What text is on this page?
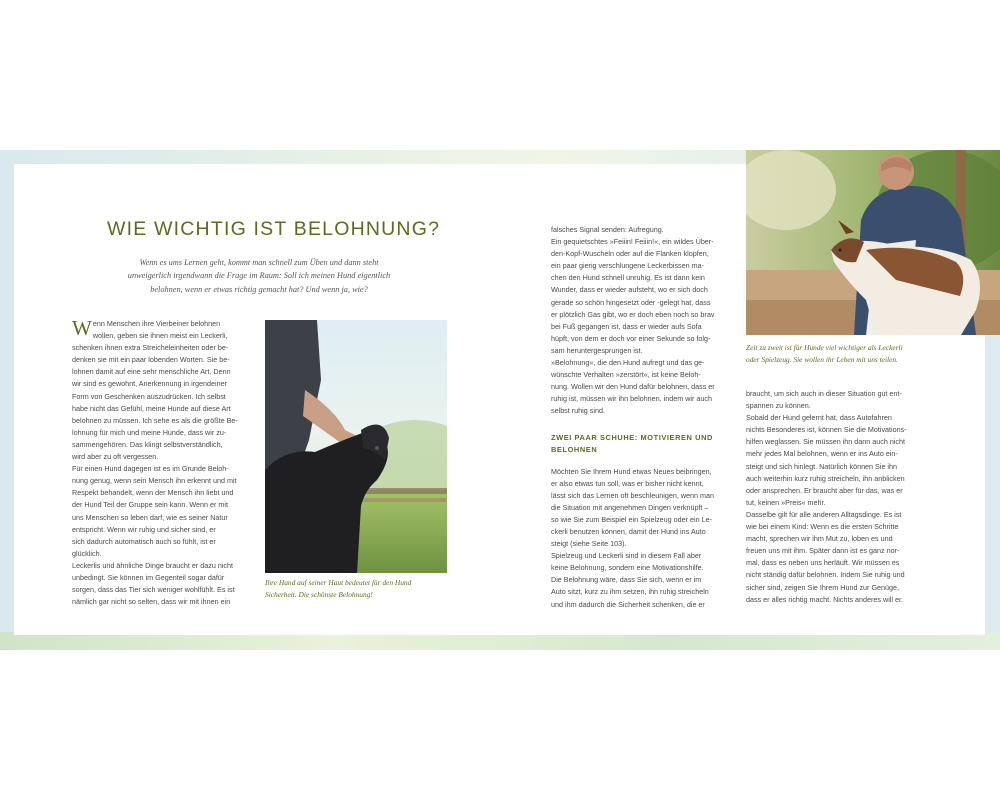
WIE WICHTIG IST BELOHNUNG?
Wenn es ums Lernen geht, kommt man schnell zum Üben und dann steht
unweigerlich irgendwann die Frage im Raum: Soll ich meinen Hund eigentlich
belohnen, wenn er etwas richtig gemacht hat? Und wenn ja, wie?
W enn Menschen ihre Vierbeiner belohnen
wollen, geben sie ihnen meist ein Leckerli,
schenken ihnen extra Streicheleinheiten oder be-
denken sie mit ein paar lobenden Worten. Sie be-
lohnen damit auf eine sehr menschliche Art. Denn
wir sind es gewohnt, Anerkennung in irgendeiner
Form von Geschenken auszudrücken. Ich selbst
habe nicht das Gefühl, meine Hunde auf diese Art
belohnen zu müssen. Ich sehe es als die größte Be-
lohnung für mich und meine Hunde, dass wir zu-
sammengehören. Das klingt selbstverständlich,
wird aber zu oft vergessen.
Für einen Hund dagegen ist es im Grunde Beloh-
nung genug, wenn sein Mensch ihn erkennt und mit
Respekt behandelt, wenn der Mensch ihn liebt und
der Hund Teil der Gruppe sein kann. Wenn er mit
uns Menschen so leben darf, wie es seiner Natur
entspricht. Wenn wir ruhig und sicher sind, er
sich dadurch automatisch auch so fühlt, ist er
glücklich.
Leckerlis und ähnliche Dinge braucht er dazu nicht
unbedingt. Sie können im Gegenteil sogar dafür
sorgen, dass das Tier sich weniger wohlfühlt. Es ist
nämlich gar nicht so selten, dass wir mit ihnen ein
Ihre Hand auf seiner Haut bedeutet für den Hund
Sicherheit. Die schönste Belohnung!
falsches Signal senden: Aufregung.
Ein gequietschtes »Feiiin! Feiiin!«, ein wildes Über-
den-Kopf-Wuscheln oder auf die Flanken klopfen,
ein paar gierig verschlungene Leckerbissen ma-
chen den Hund schnell unruhig. Es ist dann kein
Wunder, dass er wieder aufsteht, wo er sich doch
gerade so schön hingesetzt oder -gelegt hat, dass
er plötzlich Gas gibt, wo er doch eben noch so brav
bei Fuß gegangen ist, dass er wieder aufs Sofa
hüpft, von dem er doch vor einer Sekunde so folg-
sam heruntergesprungen ist.
»Belohnung«, die den Hund aufregt und das ge-
wünschte Verhalten »zerstört«, ist keine Beloh-
nung. Wollen wir den Hund dafür belohnen, dass er
ruhig ist, müssen wir ihn belohnen, indem wir auch
selbst ruhig sind.
ZWEI PAAR SCHUHE: MOTIVIEREN UND
BELOHNEN
Möchten Sie Ihrem Hund etwas Neues beibringen,
er also etwas tun soll, was er bisher nicht kennt,
lässt sich das Lernen oft beschleunigen, wenn man
die Situation mit angenehmen Dingen verknüpft –
so wie Sie zum Beispiel ein Spielzeug oder ein Le-
ckerli benutzen können, damit der Hund ins Auto
steigt (siehe Seite 103).
Spielzeug und Leckerli sind in diesem Fall aber
keine Belohnung, sondern eine Motivationshilfe.
Die Belohnung wäre, dass Sie sich, wenn er im
Auto sitzt, kurz zu ihm setzen, ihn ruhig streicheln
und ihm dadurch die Sicherheit schenken, die er
Zeit zu zweit ist für Hunde viel wichtiger als Leckerli
oder Spielzeug. Sie wollen ihr Leben mit uns teilen.
braucht, um sich auch in dieser Situation gut ent-
spannen zu können.
Sobald der Hund gelernt hat, dass Autofahren
nichts Besonderes ist, können Sie die Motivations-
hilfen weglassen. Sie müssen ihn dann auch nicht
mehr jedes Mal belohnen, wenn er ins Auto ein-
steigt und sich hinlegt. Natürlich können Sie ihn
auch weiterhin kurz ruhig streicheln, ihn anblicken
oder ansprechen. Er braucht aber für das, was er
tut, keinen »Preis« mehr.
Dasselbe gilt für alle anderen Alltagsdinge. Es ist
wie bei einem Kind: Wenn es die ersten Schritte
macht, sprechen wir ihm Mut zu, loben es und
freuen uns mit ihm. Später dann ist es ganz nor-
mal, dass es neben uns herläuft. Wir müssen es
nicht ständig dafür belohnen. Indem Sie ruhig und
sicher sind, zeigen Sie Ihrem Hund zur Genüge,
dass er alles richtig macht. Nichts anderes will er.
